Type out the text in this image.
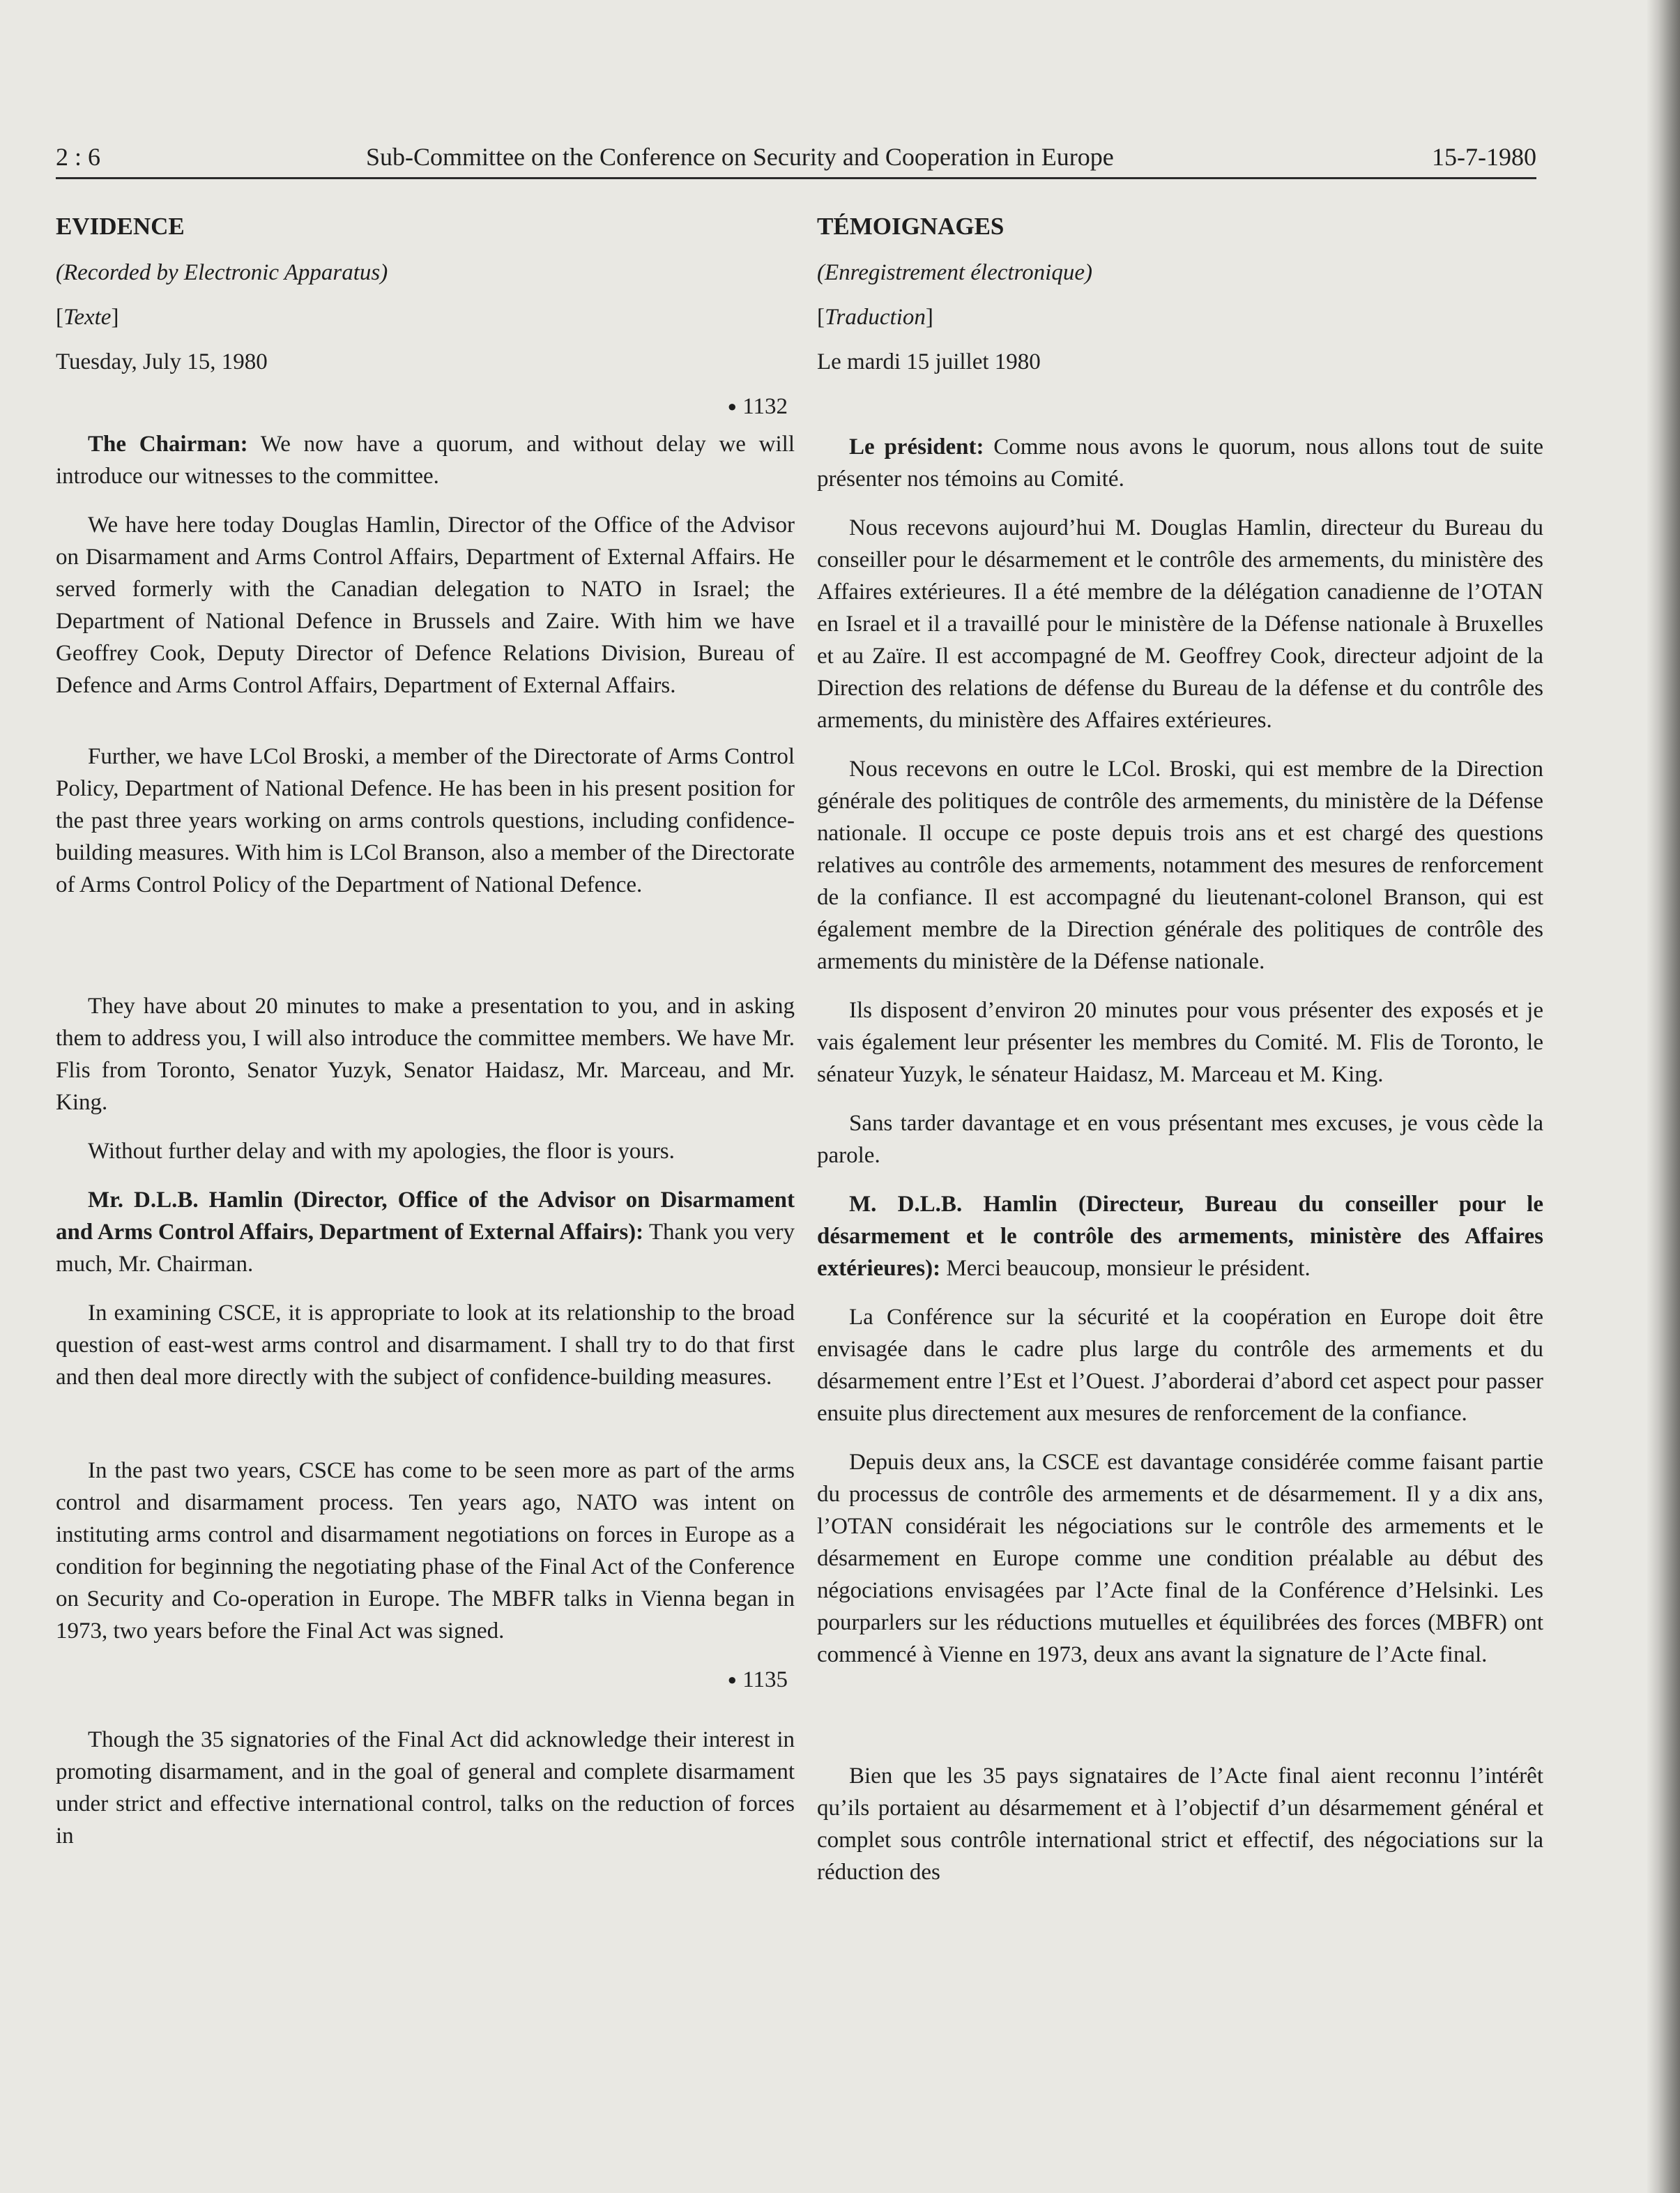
2 : 6	Sub-Committee on the Conference on Security and Cooperation in Europe	15-7-1980
EVIDENCE
(Recorded by Electronic Apparatus)
[Texte]
Tuesday, July 15, 1980
● 1132

The Chairman: We now have a quorum, and without delay we will introduce our witnesses to the committee.

We have here today Douglas Hamlin, Director of the Office of the Advisor on Disarmament and Arms Control Affairs, Department of External Affairs. He served formerly with the Canadian delegation to NATO in Israel; the Department of National Defence in Brussels and Zaire. With him we have Geoffrey Cook, Deputy Director of Defence Relations Division, Bureau of Defence and Arms Control Affairs, Department of External Affairs.

Further, we have LCol Broski, a member of the Directorate of Arms Control Policy, Department of National Defence. He has been in his present position for the past three years working on arms controls questions, including confidence-building measures. With him is LCol Branson, also a member of the Directorate of Arms Control Policy of the Department of National Defence.

They have about 20 minutes to make a presentation to you, and in asking them to address you, I will also introduce the committee members. We have Mr. Flis from Toronto, Senator Yuzyk, Senator Haidasz, Mr. Marceau, and Mr. King.

Without further delay and with my apologies, the floor is yours.

Mr. D.L.B. Hamlin (Director, Office of the Advisor on Disarmament and Arms Control Affairs, Department of External Affairs): Thank you very much, Mr. Chairman.

In examining CSCE, it is appropriate to look at its relationship to the broad question of east-west arms control and disarmament. I shall try to do that first and then deal more directly with the subject of confidence-building measures.

In the past two years, CSCE has come to be seen more as part of the arms control and disarmament process. Ten years ago, NATO was intent on instituting arms control and disarmament negotiations on forces in Europe as a condition for beginning the negotiating phase of the Final Act of the Conference on Security and Co-operation in Europe. The MBFR talks in Vienna began in 1973, two years before the Final Act was signed.

● 1135

Though the 35 signatories of the Final Act did acknowledge their interest in promoting disarmament, and in the goal of general and complete disarmament under strict and effective international control, talks on the reduction of forces in

TÉMOIGNAGES
(Enregistrement électronique)
[Traduction]
Le mardi 15 juillet 1980

Le président: Comme nous avons le quorum, nous allons tout de suite présenter nos témoins au Comité.

Nous recevons aujourd’hui M. Douglas Hamlin, directeur du Bureau du conseiller pour le désarmement et le contrôle des armements, du ministère des Affaires extérieures. Il a été membre de la délégation canadienne de l’OTAN en Israel et il a travaillé pour le ministère de la Défense nationale à Bruxelles et au Zaïre. Il est accompagné de M. Geoffrey Cook, directeur adjoint de la Direction des relations de défense du Bureau de la défense et du contrôle des armements, du ministère des Affaires extérieures.

Nous recevons en outre le LCol. Broski, qui est membre de la Direction générale des politiques de contrôle des armements, du ministère de la Défense nationale. Il occupe ce poste depuis trois ans et est chargé des questions relatives au contrôle des armements, notamment des mesures de renforcement de la confiance. Il est accompagné du lieutenant-colonel Branson, qui est également membre de la Direction générale des politiques de contrôle des armements du ministère de la Défense nationale.

Ils disposent d’environ 20 minutes pour vous présenter des exposés et je vais également leur présenter les membres du Comité. M. Flis de Toronto, le sénateur Yuzyk, le sénateur Haidasz, M. Marceau et M. King.

Sans tarder davantage et en vous présentant mes excuses, je vous cède la parole.

M. D.L.B. Hamlin (Directeur, Bureau du conseiller pour le désarmement et le contrôle des armements, ministère des Affaires extérieures): Merci beaucoup, monsieur le président.

La Conférence sur la sécurité et la coopération en Europe doit être envisagée dans le cadre plus large du contrôle des armements et du désarmement entre l’Est et l’Ouest. J’aborderai d’abord cet aspect pour passer ensuite plus directement aux mesures de renforcement de la confiance.

Depuis deux ans, la CSCE est davantage considérée comme faisant partie du processus de contrôle des armements et de désarmement. Il y a dix ans, l’OTAN considérait les négociations sur le contrôle des armements et le désarmement en Europe comme une condition préalable au début des négociations envisagées par l’Acte final de la Conférence d’Helsinki. Les pourparlers sur les réductions mutuelles et équilibrées des forces (MBFR) ont commencé à Vienne en 1973, deux ans avant la signature de l’Acte final.

Bien que les 35 pays signataires de l’Acte final aient reconnu l’intérêt qu’ils portaient au désarmement et à l’objectif d’un désarmement général et complet sous contrôle international strict et effectif, des négociations sur la réduction des
